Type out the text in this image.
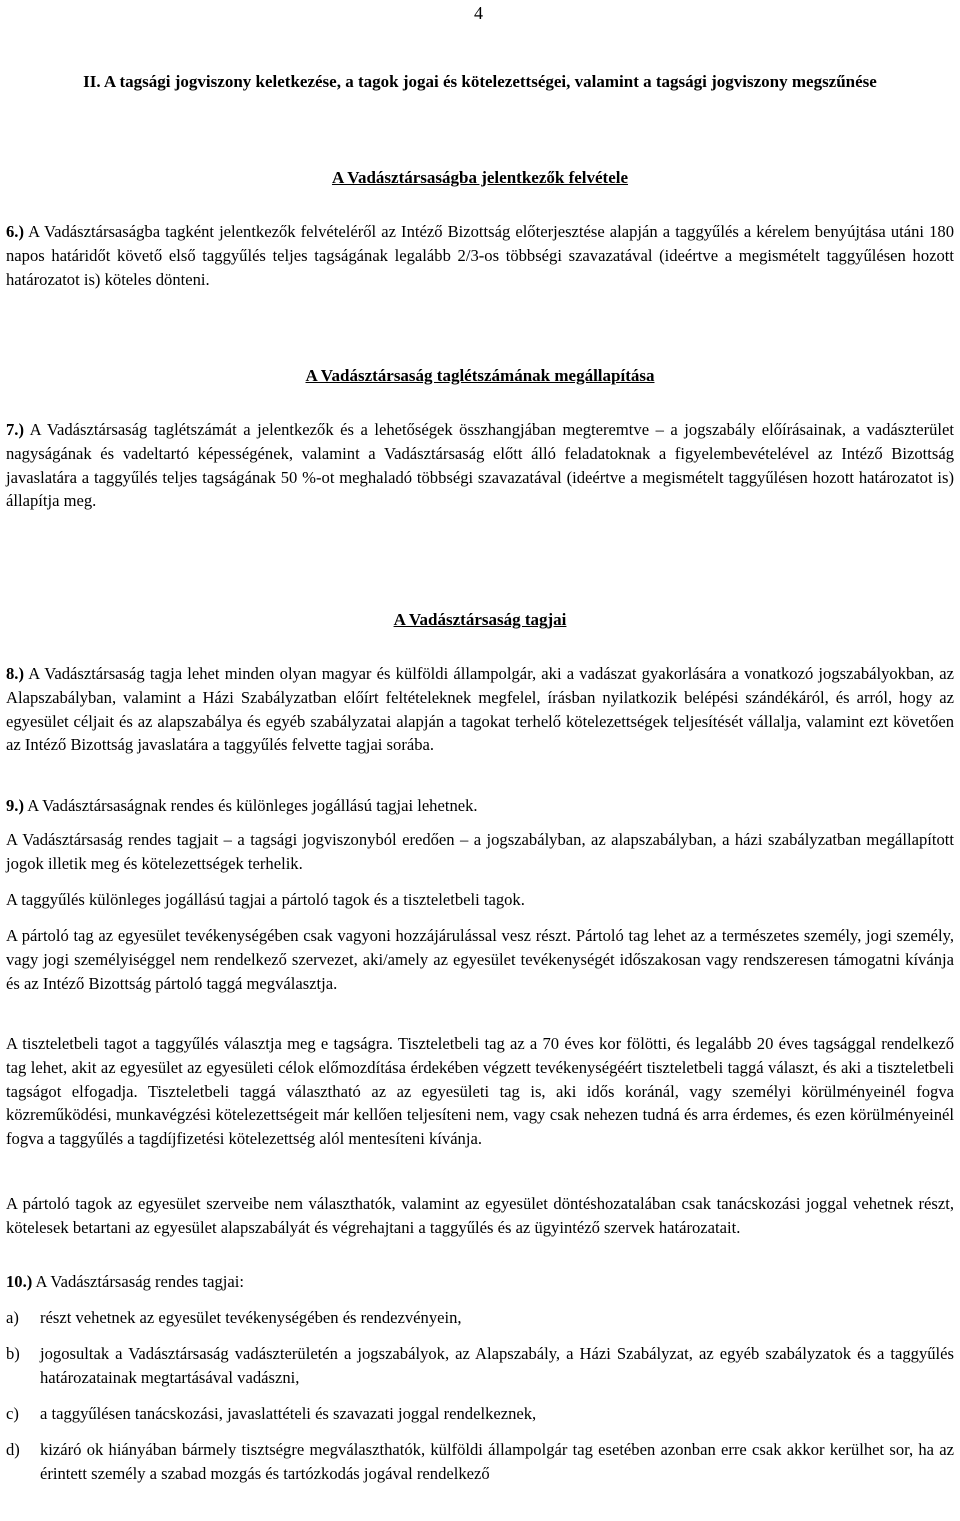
4
II. A tagsági jogviszony keletkezése, a tagok jogai és kötelezettségei, valamint a tagsági jogviszony megszűnése
A Vadásztársaságba jelentkezők felvétele
6.) A Vadásztársaságba tagként jelentkezők felvételéről az Intéző Bizottság előterjesztése alapján a taggyűlés a kérelem benyújtása utáni 180 napos határidőt követő első taggyűlés teljes tagságának legalább 2/3-os többségi szavazatával (ideértve a megismételt taggyűlésen hozott határozatot is) köteles dönteni.
A Vadásztársaság taglétszámának megállapítása
7.) A Vadásztársaság taglétszámát a jelentkezők és a lehetőségek összhangjában megteremtve – a jogszabály előírásainak, a vadászterület nagyságának és vadeltartó képességének, valamint a Vadásztársaság előtt álló feladatoknak a figyelembevételével az Intéző Bizottság javaslatára a taggyűlés teljes tagságának 50 %-ot meghaladó többségi szavazatával (ideértve a megismételt taggyűlésen hozott határozatot is) állapítja meg.
A Vadásztársaság tagjai
8.) A Vadásztársaság tagja lehet minden olyan magyar és külföldi állampolgár, aki a vadászat gyakorlására a vonatkozó jogszabályokban, az Alapszabályban, valamint a Házi Szabályzatban előírt feltételeknek megfelel, írásban nyilatkozik belépési szándékáról, és arról, hogy az egyesület céljait és az alapszabálya és egyéb szabályzatai alapján a tagokat terhelő kötelezettségek teljesítését vállalja, valamint ezt követően az Intéző Bizottság javaslatára a taggyűlés felvette tagjai sorába.
9.) A Vadásztársaságnak rendes és különleges jogállású tagjai lehetnek.
A Vadásztársaság rendes tagjait – a tagsági jogviszonyból eredően – a jogszabályban, az alapszabályban, a házi szabályzatban megállapított jogok illetik meg és kötelezettségek terhelik.
A taggyűlés különleges jogállású tagjai a pártoló tagok és a tiszteletbeli tagok.
A pártoló tag az egyesület tevékenységében csak vagyoni hozzájárulással vesz részt. Pártoló tag lehet az a természetes személy, jogi személy, vagy jogi személyiséggel nem rendelkező szervezet, aki/amely az egyesület tevékenységét időszakosan vagy rendszeresen támogatni kívánja és az Intéző Bizottság pártoló taggá megválasztja.
A tiszteletbeli tagot a taggyűlés választja meg e tagságra. Tiszteletbeli tag az a 70 éves kor fölötti, és legalább 20 éves tagsággal rendelkező tag lehet, akit az egyesület az egyesületi célok előmozdítása érdekében végzett tevékenységéért tiszteletbeli taggá választ, és aki a tiszteletbeli tagságot elfogadja. Tiszteletbeli taggá választható az az egyesületi tag is, aki idős koránál, vagy személyi körülményeinél fogva közreműködési, munkavégzési kötelezettségeit már kellően teljesíteni nem, vagy csak nehezen tudná és arra érdemes, és ezen körülményeinél fogva a taggyűlés a tagdíjfizetési kötelezettség alól mentesíteni kívánja.
A pártoló tagok az egyesület szerveibe nem választhatók, valamint az egyesület döntéshozatalában csak tanácskozási joggal vehetnek részt, kötelesek betartani az egyesület alapszabályát és végrehajtani a taggyűlés és az ügyintéző szervek határozatait.
10.) A Vadásztársaság rendes tagjai:
a) részt vehetnek az egyesület tevékenységében és rendezvényein,
b) jogosultak a Vadásztársaság vadászterületén a jogszabályok, az Alapszabály, a Házi Szabályzat, az egyéb szabályzatok és a taggyűlés határozatainak megtartásával vadászni,
c) a taggyűlésen tanácskozási, javaslattételi és szavazati joggal rendelkeznek,
d) kizáró ok hiányában bármely tisztségre megválaszthatók, külföldi állampolgár tag esetében azonban erre csak akkor kerülhet sor, ha az érintett személy a szabad mozgás és tartózkodás jogával rendelkező
